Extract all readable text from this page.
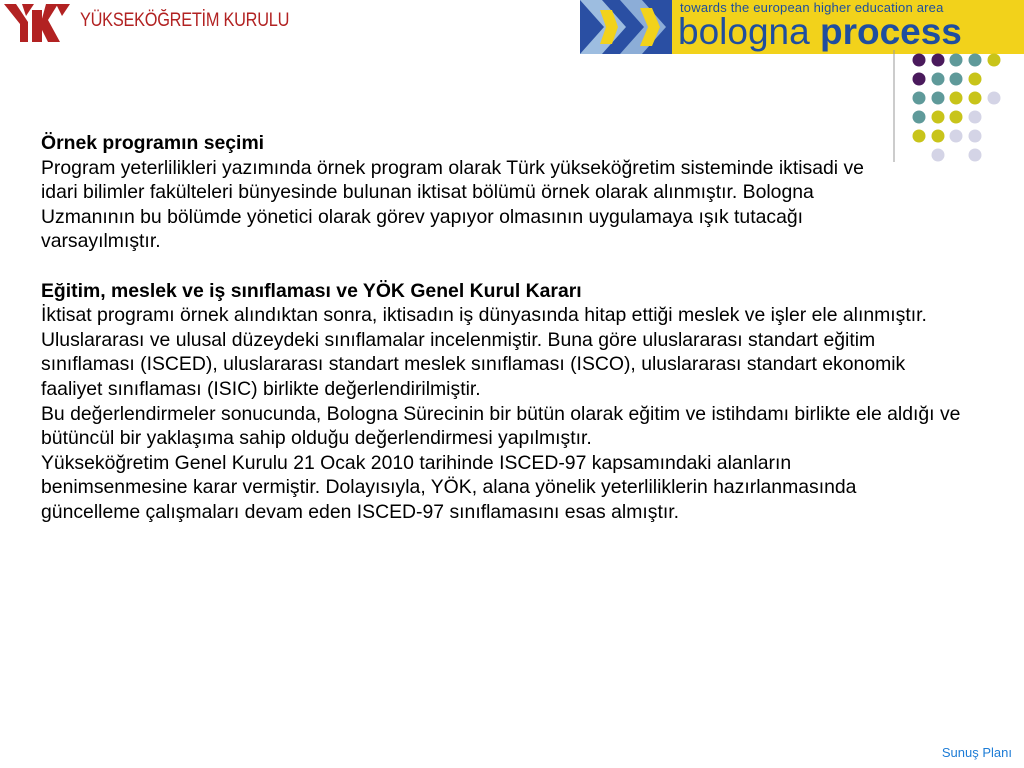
YÜKSEKÖĞRETİM KURULU
towards the european higher education area
bologna process

Örnek programın seçimi

Program yeterlilikleri yazımında örnek program olarak Türk yükseköğretim sisteminde iktisadi ve idari bilimler fakülteleri bünyesinde bulunan iktisat bölümü örnek olarak alınmıştır. Bologna Uzmanının bu bölümde yönetici olarak görev yapıyor olmasının uygulamaya ışık tutacağı varsayılmıştır.

Eğitim, meslek ve iş sınıflaması ve YÖK Genel Kurul Kararı

İktisat programı örnek alındıktan sonra, iktisadın iş dünyasında hitap ettiği meslek ve işler ele alınmıştır. Uluslararası ve ulusal düzeydeki sınıflamalar incelenmiştir. Buna göre uluslararası standart eğitim sınıflaması (ISCED), uluslararası standart meslek sınıflaması (ISCO), uluslararası standart ekonomik faaliyet sınıflaması (ISIC) birlikte değerlendirilmiştir.

Bu değerlendirmeler sonucunda, Bologna Sürecinin bir bütün olarak eğitim ve istihdamı birlikte ele aldığı ve bütüncül bir yaklaşıma sahip olduğu değerlendirmesi yapılmıştır.

Yükseköğretim Genel Kurulu 21 Ocak 2010 tarihinde ISCED-97 kapsamındaki alanların benimsenmesine karar vermiştir. Dolayısıyla, YÖK, alana yönelik yeterliliklerin hazırlanmasında güncelleme çalışmaları devam eden ISCED-97 sınıflamasını esas almıştır.

Sunuş Planı
